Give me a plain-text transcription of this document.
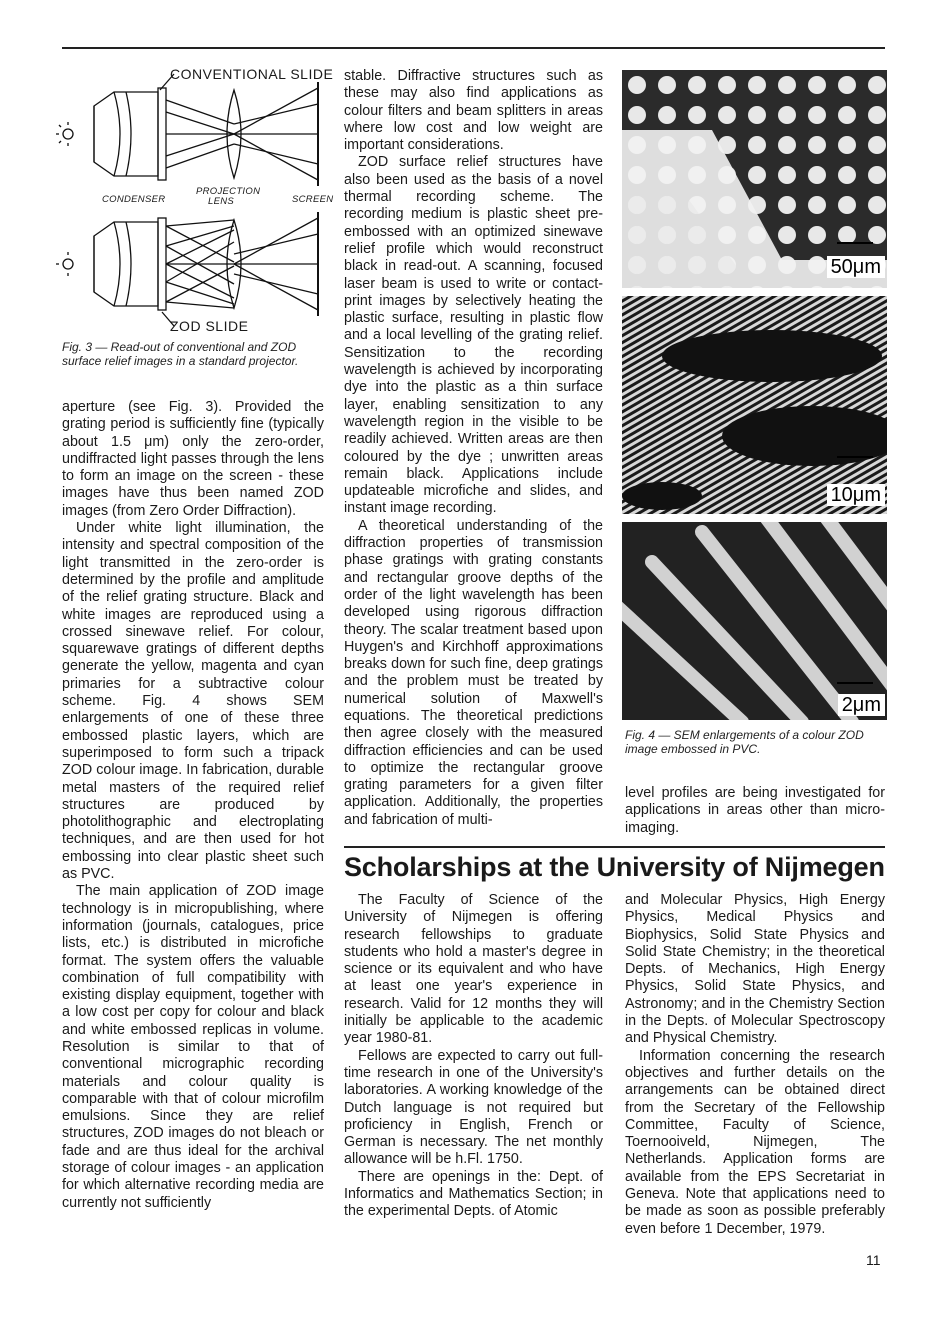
CONVENTIONAL SLIDE
CONDENSER
PROJECTION
LENS	SCREEN
ZOD SLIDE
Fig. 3 — Read-out of conventional and ZOD surface relief images in a standard projector.

aperture (see Fig. 3). Provided the grating period is sufficiently fine (typically about 1.5 μm) only the zero-order, undiffracted light passes through the lens to form an image on the screen - these images have thus been named ZOD images (from Zero Order Diffraction).

Under white light illumination, the intensity and spectral composition of the light transmitted in the zero-order is determined by the profile and amplitude of the relief grating structure. Black and white images are reproduced using a crossed sinewave relief. For colour, squarewave gratings of different depths generate the yellow, magenta and cyan primaries for a subtractive colour scheme. Fig. 4 shows SEM enlargements of one of these three embossed plastic layers, which are superimposed to form such a tripack ZOD colour image. In fabrication, durable metal masters of the required relief structures are produced by photolithographic and electroplating techniques, and are then used for hot embossing into clear plastic sheet such as PVC.

The main application of ZOD image technology is in micropublishing, where information (journals, catalogues, price lists, etc.) is distributed in microfiche format. The system offers the valuable combination of full compatibility with existing display equipment, together with a low cost per copy for colour and black and white embossed replicas in volume. Resolution is similar to that of conventional micrographic recording materials and colour quality is comparable with that of colour microfilm emulsions. Since they are relief structures, ZOD images do not bleach or fade and are thus ideal for the archival storage of colour images - an application for which alternative recording media are currently not sufficiently

stable. Diffractive structures such as these may also find applications as colour filters and beam splitters in areas where low cost and low weight are important considerations.

ZOD surface relief structures have also been used as the basis of a novel thermal recording scheme. The recording medium is plastic sheet pre-embossed with an optimized sinewave relief profile which would reconstruct black in read-out. A scanning, focused laser beam is used to write or contact-print images by selectively heating the plastic surface, resulting in plastic flow and a local levelling of the grating relief. Sensitization to the recording wavelength is achieved by incorporating dye into the plastic as a thin surface layer, enabling sensitization to any wavelength region in the visible to be readily achieved. Written areas are then coloured by the dye ; unwritten areas remain black. Applications include updateable microfiche and slides, and instant image recording.

A theoretical understanding of the diffraction properties of transmission phase gratings with grating constants and rectangular groove depths of the order of the light wavelength has been developed using rigorous diffraction theory. The scalar treatment based upon Huygen's and Kirchhoff approximations breaks down for such fine, deep gratings and the problem must be treated by numerical solution of Maxwell's equations. The theoretical predictions then agree closely with the measured diffraction efficiencies and can be used to optimize the rectangular groove grating parameters for a given filter application. Additionally, the properties and fabrication of multi-

50μm
10μm
2μm
Fig. 4 — SEM enlargements of a colour ZOD image embossed in PVC.

level profiles are being investigated for applications in areas other than micro-imaging.

Scholarships at the University of Nijmegen

The Faculty of Science of the University of Nijmegen is offering research fellowships to graduate students who hold a master's degree in science or its equivalent and who have at least one year's experience in research. Valid for 12 months they will initially be applicable to the academic year 1980-81.

Fellows are expected to carry out full-time research in one of the University's laboratories. A working knowledge of the Dutch language is not required but proficiency in English, French or German is necessary. The net monthly allowance will be h.Fl. 1750.

There are openings in the: Dept. of Informatics and Mathematics Section; in the experimental Depts. of Atomic

and Molecular Physics, High Energy Physics, Medical Physics and Biophysics, Solid State Physics and Solid State Chemistry; in the theoretical Depts. of Mechanics, High Energy Physics, Solid State Physics, and Astronomy; and in the Chemistry Section in the Depts. of Molecular Spectroscopy and Physical Chemistry.

Information concerning the research objectives and further details on the arrangements can be obtained direct from the Secretary of the Fellowship Committee, Faculty of Science, Toernooiveld, Nijmegen, The Netherlands. Application forms are available from the EPS Secretariat in Geneva. Note that applications need to be made as soon as possible preferably even before 1 December, 1979.

11
